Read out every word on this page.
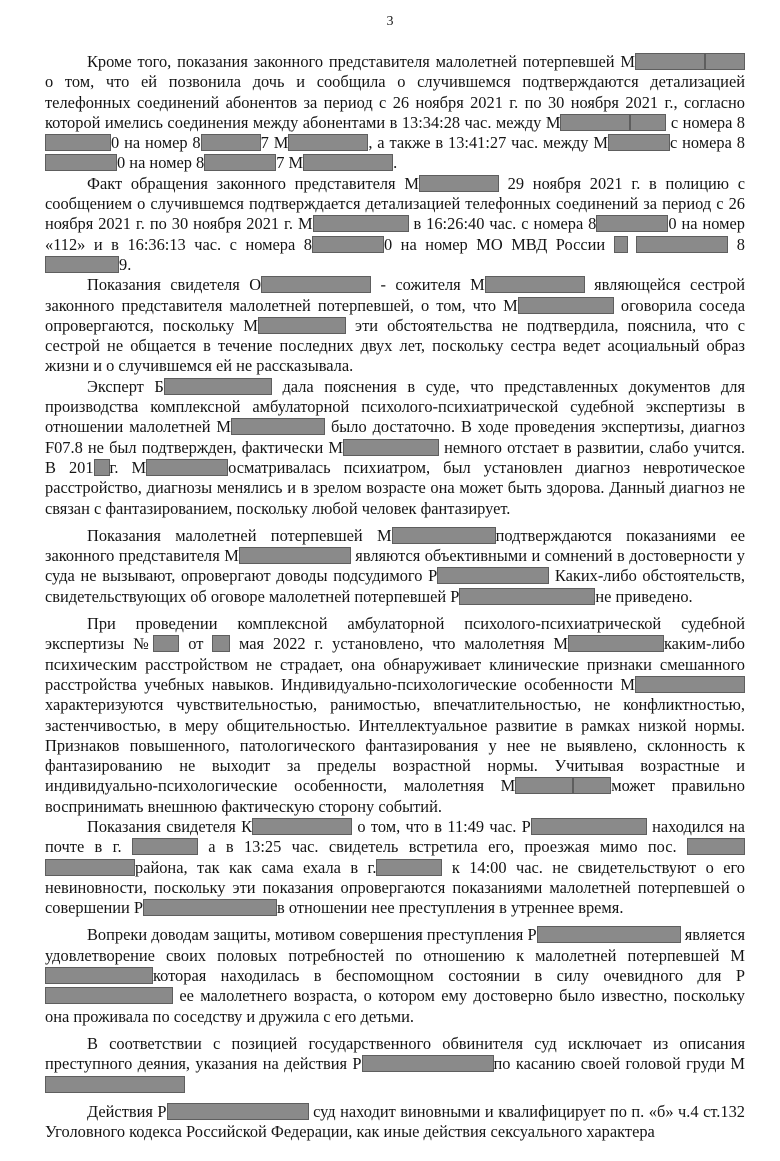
3

Кроме того, показания законного представителя малолетней потерпевшей М о том, что ей позвонила дочь и сообщила о случившемся подтверждаются детализацией телефонных соединений абонентов за период с 26 ноября 2021 г. по 30 ноября 2021 г., согласно которой имелись соединения между абонентами в 13:34:28 час. между М	с номера 80 на номер 8	7 М	, а также в 13:41:27 час. между М	с номера 80 на номер 8	7 М	.

Факт обращения законного представителя М	29 ноября 2021 г. в полицию с сообщением о случившемся подтверждается детализацией телефонных соединений за период с 26 ноября 2021 г. по 30 ноября 2021 г. М	в 16:26:40 час. с номера 8	0 на номер «112» и в 16:36:13 час. с номера 8	0 на номер МО МВД России	89.

Показания свидетеля О	- сожителя М	являющейся сестрой законного представителя малолетней потерпевшей, о том, что М	оговорила соседа опровергаются, поскольку М	эти обстоятельства не подтвердила, пояснила, что с сестрой не общается в течение последних двух лет, поскольку сестра ведет асоциальный образ жизни и о случившемся ей не рассказывала.

Эксперт Б	дала пояснения в суде, что представленных документов для производства комплексной амбулаторной психолого-психиатрической судебной экспертизы в отношении малолетней М	было достаточно. В ходе проведения экспертизы, диагноз F07.8 не был подтвержден, фактически М	немного отстает в развитии, слабо учится. В 201 г. М	осматривалась психиатром, был установлен диагноз невротическое расстройство, диагнозы менялись и в зрелом возрасте она может быть здорова. Данный диагноз не связан с фантазированием, поскольку любой человек фантазирует.

Показания малолетней потерпевшей М	подтверждаются показаниями ее законного представителя М	являются объективными и сомнений в достоверности у суда не вызывают, опровергают доводы подсудимого Р	Каких-либо обстоятельств, свидетельствующих об оговоре малолетней потерпевшей Р	не приведено.

При проведении комплексной амбулаторной психолого-психиатрической судебной экспертизы № от мая 2022 г. установлено, что малолетняя М	каким-либо психическим расстройством не страдает, она обнаруживает клинические признаки смешанного расстройства учебных навыков. Индивидуально-психологические особенности Мхарактеризуются чувствительностью, ранимостью, впечатлительностью, не конфликтностью, застенчивостью, в меру общительностью. Интеллектуальное развитие в рамках низкой нормы. Признаков повышенного, патологического фантазирования у нее не выявлено, склонность к фантазированию не выходит за пределы возрастной нормы. Учитывая возрастные и индивидуально-психологические особенности, малолетняя М	может правильно воспринимать внешнюю фактическую сторону событий.

Показания свидетеля К	о том, что в 11:49 час. Р	находился на почте в г.	а в 13:25 час. свидетель встретила его, проезжая мимо пос.  района, так как сама ехала в г.	к 14:00 час. не свидетельствуют о его невиновности, поскольку эти показания опровергаются показаниями малолетней потерпевшей о совершении Р	в отношении нее преступления в утреннее время.

Вопреки доводам защиты, мотивом совершения преступления Р	является удовлетворение своих половых потребностей по отношению к малолетней потерпевшей Мкоторая находилась в беспомощном состоянии в силу очевидного для Р ее малолетнего возраста, о котором ему достоверно было известно, поскольку она проживала по соседству и дружила с его детьми.

В соответствии с позицией государственного обвинителя суд исключает из описания преступного деяния, указания на действия Р	по касанию своей головой груди М

Действия Р	суд находит виновными и квалифицирует по п. «б» ч.4 ст.132 Уголовного кодекса Российской Федерации, как иные действия сексуального характера
